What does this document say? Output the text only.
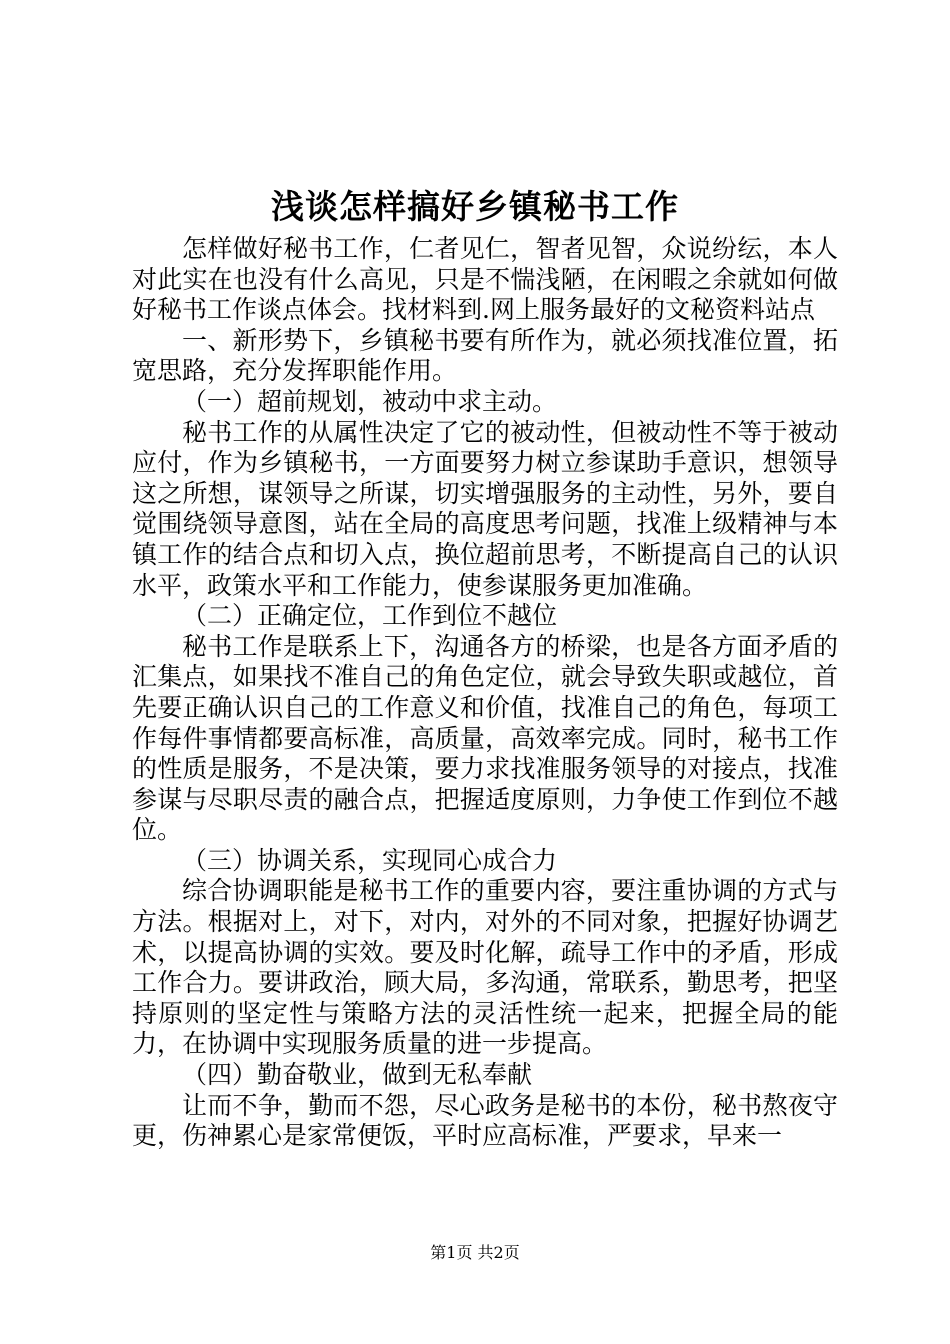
浅谈怎样搞好乡镇秘书工作

怎样做好秘书工作，仁者见仁，智者见智，众说纷纭，本人对此实在也没有什么高见，只是不惴浅陋，在闲暇之余就如何做好秘书工作谈点体会。找材料到.网上服务最好的文秘资料站点

一、新形势下，乡镇秘书要有所作为，就必须找准位置，拓宽思路，充分发挥职能作用。

（一）超前规划，被动中求主动。

秘书工作的从属性决定了它的被动性，但被动性不等于被动应付，作为乡镇秘书，一方面要努力树立参谋助手意识，想领导这之所想，谋领导之所谋，切实增强服务的主动性，另外，要自觉围绕领导意图，站在全局的高度思考问题，找准上级精神与本镇工作的结合点和切入点，换位超前思考，不断提高自己的认识水平，政策水平和工作能力，使参谋服务更加准确。

（二）正确定位，工作到位不越位

秘书工作是联系上下，沟通各方的桥梁，也是各方面矛盾的汇集点，如果找不准自己的角色定位，就会导致失职或越位，首先要正确认识自己的工作意义和价值，找准自己的角色，每项工作每件事情都要高标准，高质量，高效率完成。同时，秘书工作的性质是服务，不是决策，要力求找准服务领导的对接点，找准参谋与尽职尽责的融合点，把握适度原则，力争使工作到位不越位。

（三）协调关系，实现同心成合力

综合协调职能是秘书工作的重要内容，要注重协调的方式与方法。根据对上，对下，对内，对外的不同对象，把握好协调艺术，以提高协调的实效。要及时化解，疏导工作中的矛盾，形成工作合力。要讲政治，顾大局，多沟通，常联系，勤思考，把坚持原则的坚定性与策略方法的灵活性统一起来，把握全局的能力，在协调中实现服务质量的进一步提高。

（四）勤奋敬业，做到无私奉献

让而不争，勤而不怨，尽心政务是秘书的本份，秘书熬夜守更，伤神累心是家常便饭，平时应高标准，严要求，早来一

第1页 共2页
